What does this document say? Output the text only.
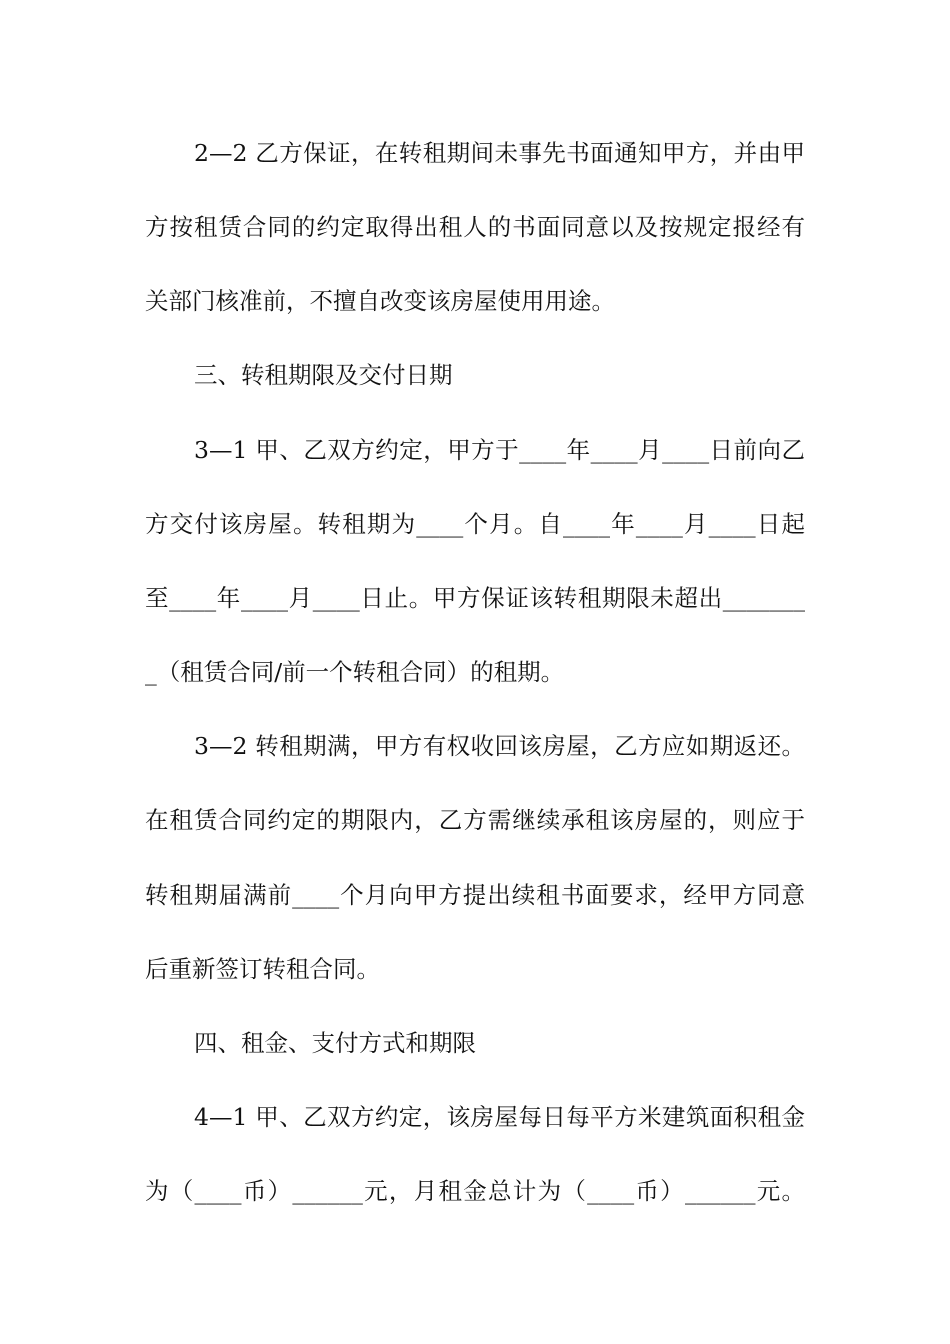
2—2 乙方保证，在转租期间未事先书面通知甲方，并由甲
方按租赁合同的约定取得出租人的书面同意以及按规定报经有
关部门核准前，不擅自改变该房屋使用用途。
三、转租期限及交付日期
3—1 甲、乙双方约定，甲方于____年____月____日前向乙
方交付该房屋。转租期为____个月。自____年____月____日起
至____年____月____日止。甲方保证该转租期限未超出_______
_（租赁合同/前一个转租合同）的租期。
3—2 转租期满，甲方有权收回该房屋，乙方应如期返还。
在租赁合同约定的期限内，乙方需继续承租该房屋的，则应于
转租期届满前____个月向甲方提出续租书面要求，经甲方同意
后重新签订转租合同。
四、租金、支付方式和期限
4—1 甲、乙双方约定，该房屋每日每平方米建筑面积租金
为（____币）______元，月租金总计为（____币）______元。
